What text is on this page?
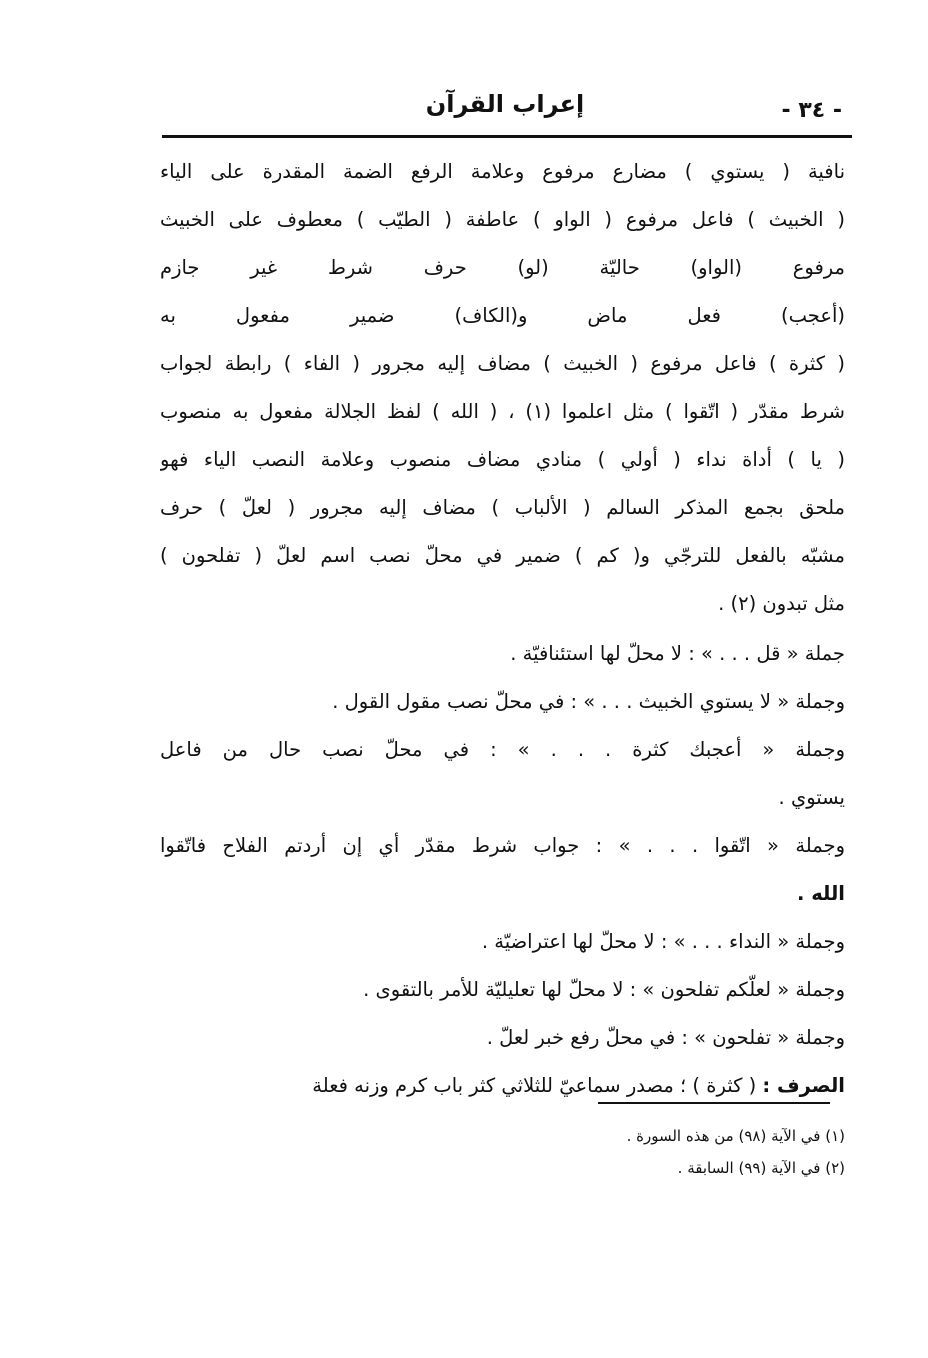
إعراب القرآن	- ٣٤ -
نافية ( يستوي ) مضارع مرفوع وعلامة الرفع الضمة المقدرة على الياء
( الخبيث ) فاعل مرفوع ( الواو ) عاطفة ( الطيّب ) معطوف على الخبيث
مرفوع (الواو) حاليّة (لو) حرف شرط غير جازم
(أعجب) فعل ماض و(الكاف) ضمير مفعول به
( كثرة ) فاعل مرفوع ( الخبيث ) مضاف إليه مجرور ( الفاء ) رابطة لجواب
شرط مقدّر ( اتّقوا ) مثل اعلموا (١) ، ( الله ) لفظ الجلالة مفعول به منصوب
( يا ) أداة نداء ( أولي ) منادي مضاف منصوب وعلامة النصب الياء فهو
ملحق بجمع المذكر السالم ( الألباب ) مضاف إليه مجرور ( لعلّ ) حرف
مشبّه بالفعل للترجّي و( كم ) ضمير في محلّ نصب اسم لعلّ ( تفلحون )
مثل تبدون (٢) .
جملة « قل . . . » : لا محلّ لها استئنافيّة .
وجملة « لا يستوي الخبيث . . . » : في محلّ نصب مقول القول .
وجملة « أعجبك كثرة . . . » : في محلّ نصب حال من فاعل
يستوي .
وجملة « اتّقوا . . . » : جواب شرط مقدّر أي إن أردتم الفلاح فاتّقوا
الله .
وجملة « النداء . . . » : لا محلّ لها اعتراضيّة .
وجملة « لعلّكم تفلحون » : لا محلّ لها تعليليّة للأمر بالتقوى .
وجملة « تفلحون » : في محلّ رفع خبر لعلّ .
الصرف : ( كثرة ) ؛ مصدر سماعيّ للثلاثي كثر باب كرم وزنه فعلة
(١) في الآية (٩٨) من هذه السورة .
(٢) في الآية (٩٩) السابقة .
